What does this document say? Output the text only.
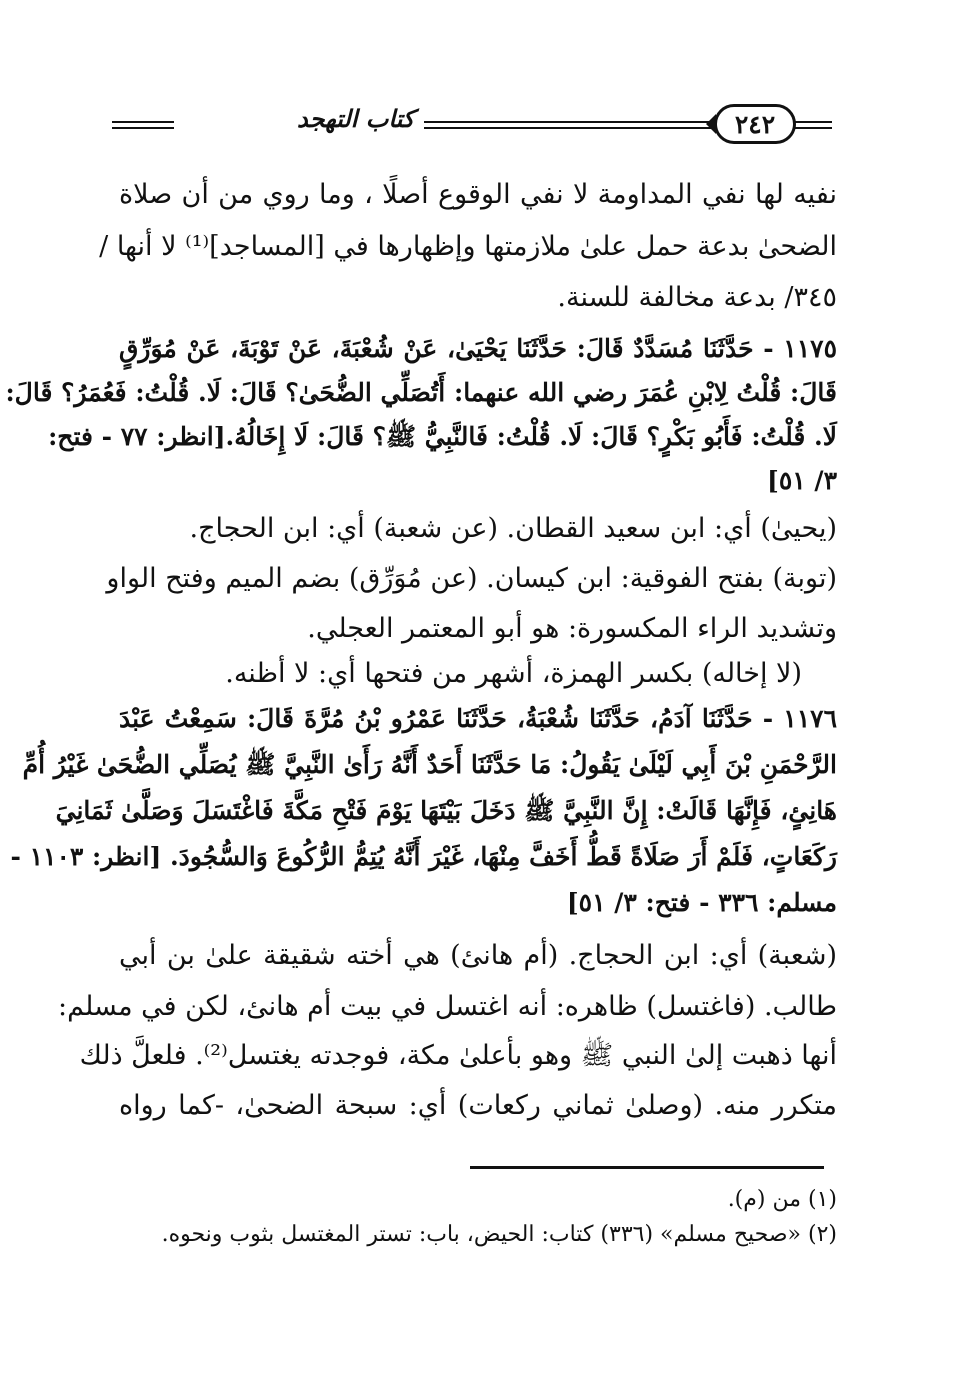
كتاب التهجد	٢٤٢
نفيه لها نفي المداومة لا نفي الوقوع أصلًا ، وما روي من أن صلاة
الضحىٰ بدعة حمل علىٰ ملازمتها وإظهارها في [المساجد]⁽¹⁾ لا أنها /
٣٤٥/ بدعة مخالفة للسنة.
١١٧٥ - حَدَّثَنَا مُسَدَّدٌ قَالَ: حَدَّثَنَا يَحْيَىٰ، عَنْ شُعْبَةَ، عَنْ تَوْبَةَ، عَنْ مُوَرِّقٍ
قَالَ: قُلْتُ لِابْنِ عُمَرَ رضي الله عنهما: أَتُصَلِّي الضُّحَىٰ؟ قَالَ: لَا. قُلْتُ: فَعُمَرُ؟ قَالَ:
لَا. قُلْتُ: فَأَبُو بَكْرٍ؟ قَالَ: لَا. قُلْتُ: فَالنَّبِيُّ ﷺ؟ قَالَ: لَا إِخَالُهُ.[انظر: ٧٧ - فتح:
٣/ ٥١]
(يحيىٰ) أي: ابن سعيد القطان. (عن شعبة) أي: ابن الحجاج.
(توبة) بفتح الفوقية: ابن كيسان. (عن مُوَرِّق) بضم الميم وفتح الواو
وتشديد الراء المكسورة: هو أبو المعتمر العجلي.
(لا إخاله) بكسر الهمزة، أشهر من فتحها أي: لا أظنه.
١١٧٦ - حَدَّثَنَا آدَمُ، حَدَّثَنَا شُعْبَةُ، حَدَّثَنَا عَمْرُو بْنُ مُرَّةَ قَالَ: سَمِعْتُ عَبْدَ
الرَّحْمَنِ بْنَ أَبِي لَيْلَىٰ يَقُولُ: مَا حَدَّثَنَا أَحَدٌ أَنَّهُ رَأَىٰ النَّبِيَّ ﷺ يُصَلِّي الضُّحَىٰ غَيْرُ أُمِّ
هَانِئٍ، فَإِنَّهَا قَالَتْ: إِنَّ النَّبِيَّ ﷺ دَخَلَ بَيْتَهَا يَوْمَ فَتْحِ مَكَّةَ فَاغْتَسَلَ وَصَلَّىٰ ثَمَانِيَ
رَكَعَاتٍ، فَلَمْ أَرَ صَلَاةً قَطُّ أَخَفَّ مِنْهَا، غَيْرَ أَنَّهُ يُتِمُّ الرُّكُوعَ وَالسُّجُودَ. [انظر: ١١٠٣ -
مسلم: ٣٣٦ - فتح: ٣/ ٥١]
(شعبة) أي: ابن الحجاج. (أم هانئ) هي أخته شقيقة علىٰ بن أبي
طالب. (فاغتسل) ظاهره: أنه اغتسل في بيت أم هانئ، لكن في مسلم:
أنها ذهبت إلىٰ النبي ﷺ وهو بأعلىٰ مكة، فوجدته يغتسل⁽²⁾. فلعلَّ ذلك
متكرر منه. (وصلىٰ ثماني ركعات) أي: سبحة الضحىٰ، -كما رواه
(١) من (م).
(٢) «صحيح مسلم» (٣٣٦) كتاب: الحيض، باب: تستر المغتسل بثوب ونحوه.
